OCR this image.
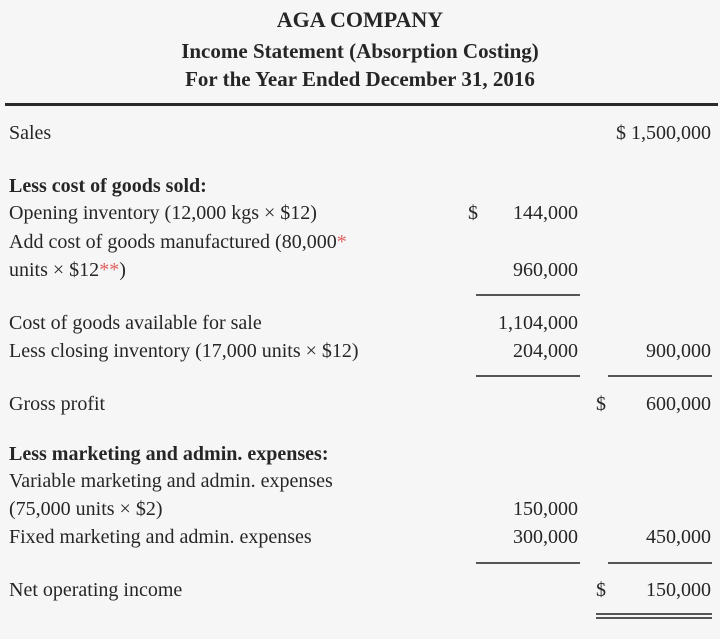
AGA COMPANY
Income Statement (Absorption Costing)
For the Year Ended December 31, 2016
Sales	$ 1,500,000
Less cost of goods sold:
Opening inventory (12,000 kgs × $12)	$ 144,000
Add cost of goods manufactured (80,000*
units × $12**)	960,000
Cost of goods available for sale	1,104,000
Less closing inventory (17,000 units × $12)	204,000	900,000
Gross profit	$ 600,000
Less marketing and admin. expenses:
Variable marketing and admin. expenses
(75,000 units × $2)	150,000
Fixed marketing and admin. expenses	300,000	450,000
Net operating income	$ 150,000
